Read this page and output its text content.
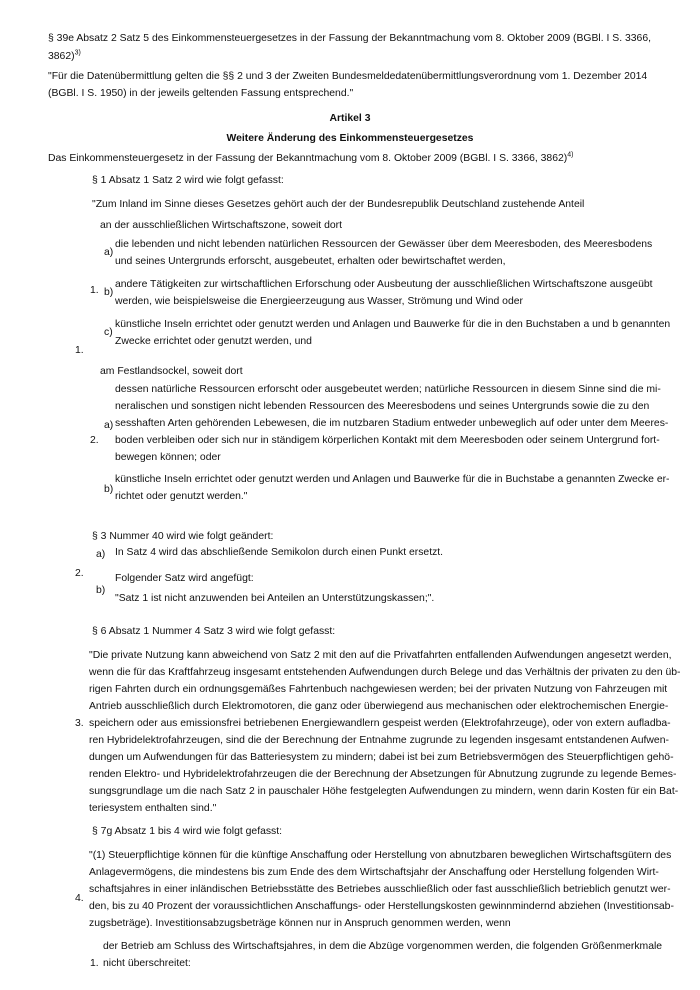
§ 39e Absatz 2 Satz 5 des Einkommensteuergesetzes in der Fassung der Bekanntmachung vom 8. Oktober 2009 (BGBl. I S. 3366,
3862)$^{3)}$
"Für die Datenübermittlung gelten die §§ 2 und 3 der Zweiten Bundesmeldedatenübermittlungsverordnung vom 1. Dezember 2014
(BGBl. I S. 1950) in der jeweils geltenden Fassung entsprechend."
Artikel 3
Weitere Änderung des Einkommensteuergesetzes
Das Einkommensteuergesetz in der Fassung der Bekanntmachung vom 8. Oktober 2009 (BGBl. I S. 3366, 3862)$^{4)}$
§ 1 Absatz 1 Satz 2 wird wie folgt gefasst:
"Zum Inland im Sinne dieses Gesetzes gehört auch der der Bundesrepublik Deutschland zustehende Anteil
an der ausschließlichen Wirtschaftszone, soweit dort
die lebenden und nicht lebenden natürlichen Ressourcen der Gewässer über dem Meeresboden, des Meeresbodens
a)
und seines Untergrunds erforscht, ausgebeutet, erhalten oder bewirtschaftet werden,
andere Tätigkeiten zur wirtschaftlichen Erforschung oder Ausbeutung der ausschließlichen Wirtschaftszone ausgeübt
1. b)
werden, wie beispielsweise die Energieerzeugung aus Wasser, Strömung und Wind oder
künstliche Inseln errichtet oder genutzt werden und Anlagen und Bauwerke für die in den Buchstaben a und b genannten
c)
Zwecke errichtet oder genutzt werden, und
1.
am Festlandsockel, soweit dort
dessen natürliche Ressourcen erforscht oder ausgebeutet werden; natürliche Ressourcen in diesem Sinne sind die mi-
neralischen und sonstigen nicht lebenden Ressourcen des Meeresbodens und seines Untergrunds sowie die zu den
sesshaften Arten gehörenden Lebewesen, die im nutzbaren Stadium entweder unbeweglich auf oder unter dem Meeres-
a)
boden verbleiben oder sich nur in ständigem körperlichen Kontakt mit dem Meeresboden oder seinem Untergrund fort-
2.
bewegen können; oder
künstliche Inseln errichtet oder genutzt werden und Anlagen und Bauwerke für die in Buchstabe a genannten Zwecke er-
b)
richtet oder genutzt werden."
§ 3 Nummer 40 wird wie folgt geändert:
a) In Satz 4 wird das abschließende Semikolon durch einen Punkt ersetzt.
2.	Folgender Satz wird angefügt:
b)
"Satz 1 ist nicht anzuwenden bei Anteilen an Unterstützungskassen;".
§ 6 Absatz 1 Nummer 4 Satz 3 wird wie folgt gefasst:
"Die private Nutzung kann abweichend von Satz 2 mit den auf die Privatfahrten entfallenden Aufwendungen angesetzt werden,
wenn die für das Kraftfahrzeug insgesamt entstehenden Aufwendungen durch Belege und das Verhältnis der privaten zu den üb-
rigen Fahrten durch ein ordnungsgemäßes Fahrtenbuch nachgewiesen werden; bei der privaten Nutzung von Fahrzeugen mit
Antrieb ausschließlich durch Elektromotoren, die ganz oder überwiegend aus mechanischen oder elektrochemischen Energie-
speichern oder aus emissionsfrei betriebenen Energiewandlern gespeist werden (Elektrofahrzeuge), oder von extern aufladba-
3.
ren Hybridelektrofahrzeugen, sind die der Berechnung der Entnahme zugrunde zu legenden insgesamt entstandenen Aufwen-
dungen um Aufwendungen für das Batteriesystem zu mindern; dabei ist bei zum Betriebsvermögen des Steuerpflichtigen gehö-
renden Elektro- und Hybridelektrofahrzeugen die der Berechnung der Absetzungen für Abnutzung zugrunde zu legende Bemes-
sungsgrundlage um die nach Satz 2 in pauschaler Höhe festgelegten Aufwendungen zu mindern, wenn darin Kosten für ein Bat-
teriesystem enthalten sind."
§ 7g Absatz 1 bis 4 wird wie folgt gefasst:
"(1) Steuerpflichtige können für die künftige Anschaffung oder Herstellung von abnutzbaren beweglichen Wirtschaftsgütern des
Anlagevermögens, die mindestens bis zum Ende des dem Wirtschaftsjahr der Anschaffung oder Herstellung folgenden Wirt-
schaftsjahres in einer inländischen Betriebsstätte des Betriebes ausschließlich oder fast ausschließlich betrieblich genutzt wer-
den, bis zu 40 Prozent der voraussichtlichen Anschaffungs- oder Herstellungskosten gewinnmindernd abziehen (Investitionsab-
4.
zugsbeträge). Investitionsabzugsbeträge können nur in Anspruch genommen werden, wenn
der Betrieb am Schluss des Wirtschaftsjahres, in dem die Abzüge vorgenommen werden, die folgenden Größenmerkmale
1. nicht überschreitet:
